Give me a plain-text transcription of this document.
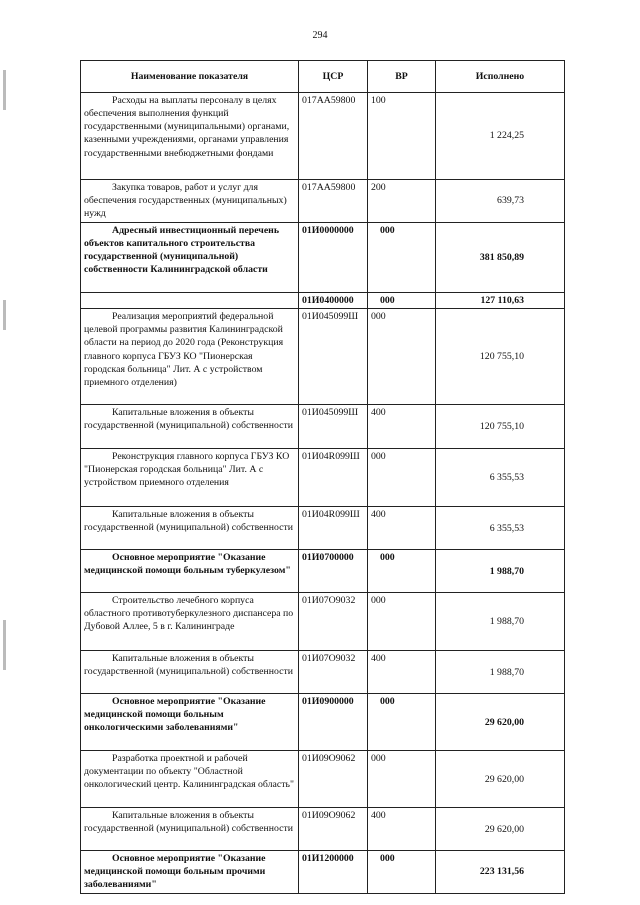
294
Наименование показателя	ЦСР	ВР	Исполнено
Расходы на выплаты персоналу в целях обеспечения выполнения функций государственными (муниципальными) органами, казенными учреждениями, органами управления государственными внебюджетными фондами	017АА59800	100	1 224,25
Закупка товаров, работ и услуг для обеспечения государственных (муниципальных) нужд	017АА59800	200	639,73
Адресный инвестиционный перечень объектов капитального строительства государственной (муниципальной) собственности Калининградской области	01И0000000	000	381 850,89
	01И0400000	000	127 110,63
Реализация мероприятий федеральной целевой программы развития Калининградской области на период до 2020 года (Реконструкция главного корпуса ГБУЗ КО "Пионерская городская больница" Лит. А с устройством приемного отделения)	01И045099Ш	000	120 755,10
Капитальные вложения в объекты государственной (муниципальной) собственности	01И045099Ш	400	120 755,10
Реконструкция главного корпуса ГБУЗ КО "Пионерская городская больница" Лит. А с устройством приемного отделения	01И04R099Ш	000	6 355,53
Капитальные вложения в объекты государственной (муниципальной) собственности	01И04R099Ш	400	6 355,53
Основное мероприятие "Оказание медицинской помощи больным туберкулезом"	01И0700000	000	1 988,70
Строительство лечебного корпуса областного противотуберкулезного диспансера по Дубовой Аллее, 5 в г. Калининграде	01И07О9032	000	1 988,70
Капитальные вложения в объекты государственной (муниципальной) собственности	01И07О9032	400	1 988,70
Основное мероприятие "Оказание медицинской помощи больным онкологическими заболеваниями"	01И0900000	000	29 620,00
Разработка проектной и рабочей документации по объекту "Областной онкологический центр. Калининградская область"	01И09О9062	000	29 620,00
Капитальные вложения в объекты государственной (муниципальной) собственности	01И09О9062	400	29 620,00
Основное мероприятие "Оказание медицинской помощи больным прочими заболеваниями"	01И1200000	000	223 131,56
